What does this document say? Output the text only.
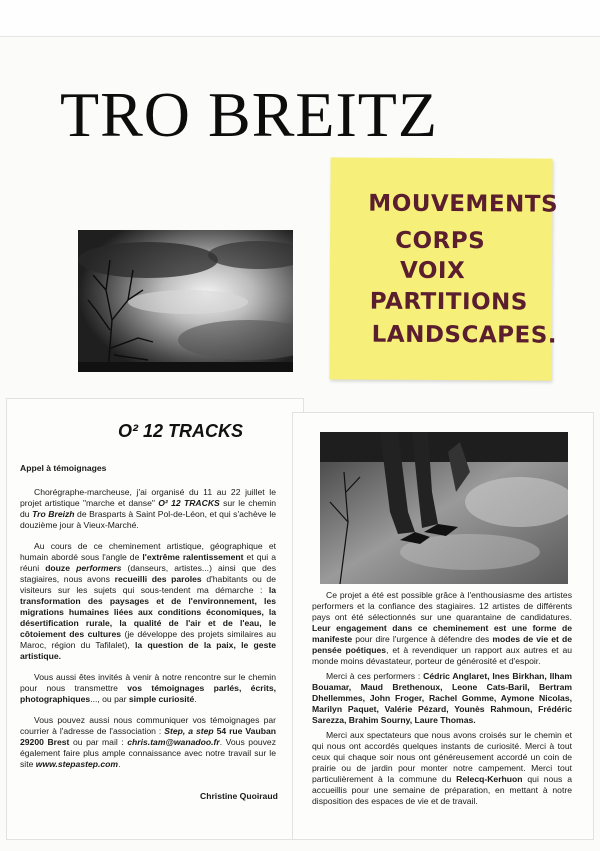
TRO BREITZ
MOUVEMENTS
CORPS
VOIX
PARTITIONS
LANDSCAPES.
O² 12 TRACKS
Appel à témoignages

Chorégraphe-marcheuse, j'ai organisé du 11 au 22 juillet le projet artistique "marche et danse" O² 12 TRACKS sur le chemin du Tro Breizh de Brasparts à Saint Pol-de-Léon, et qui s'achève le douzième jour à Vieux-Marché.

Au cours de ce cheminement artistique, géographique et humain abordé sous l'angle de l'extrême ralentissement et qui a réuni douze performers (danseurs, artistes...) ainsi que des stagiaires, nous avons recueilli des paroles d'habitants ou de visiteurs sur les sujets qui sous-tendent ma démarche : la transformation des paysages et de l'environnement, les migrations humaines liées aux conditions économiques, la désertification rurale, la qualité de l'air et de l'eau, le côtoiement des cultures (je développe des projets similaires au Maroc, région du Tafilalet), la question de la paix, le geste artistique.

Vous aussi êtes invités à venir à notre rencontre sur le chemin pour nous transmettre vos témoignages parlés, écrits, photographiques..., ou par simple curiosité.

Vous pouvez aussi nous communiquer vos témoignages par courrier à l'adresse de l'association : Step, a step 54 rue Vauban 29200 Brest ou par mail : chris.tam@wanadoo.fr. Vous pouvez également faire plus ample connaissance avec notre travail sur le site www.stepastep.com.

Christine Quoiraud

Ce projet a été est possible grâce à l'enthousiasme des artistes performers et la confiance des stagiaires. 12 artistes de différents pays ont été sélectionnés sur une quarantaine de candidatures. Leur engagement dans ce cheminement est une forme de manifeste pour dire l'urgence à défendre des modes de vie et de pensée poétiques, et à revendiquer un rapport aux autres et au monde moins dévastateur, porteur de générosité et d'espoir.

Merci à ces performers : Cédric Anglaret, Ines Birkhan, Ilham Bouamar, Maud Brethenoux, Leone Cats-Baril, Bertram Dhellemmes, John Froger, Rachel Gomme, Aymone Nicolas, Marilyn Paquet, Valérie Pézard, Younès Rahmoun, Frédéric Sarezza, Brahim Sourny, Laure Thomas.

Merci aux spectateurs que nous avons croisés sur le chemin et qui nous ont accordés quelques instants de curiosité. Merci à tout ceux qui chaque soir nous ont généreusement accordé un coin de prairie ou de jardin pour monter notre campement. Merci tout particulièrement à la commune du Relecq-Kerhuon qui nous a accueillis pour une semaine de préparation, en mettant à notre disposition des espaces de vie et de travail.
